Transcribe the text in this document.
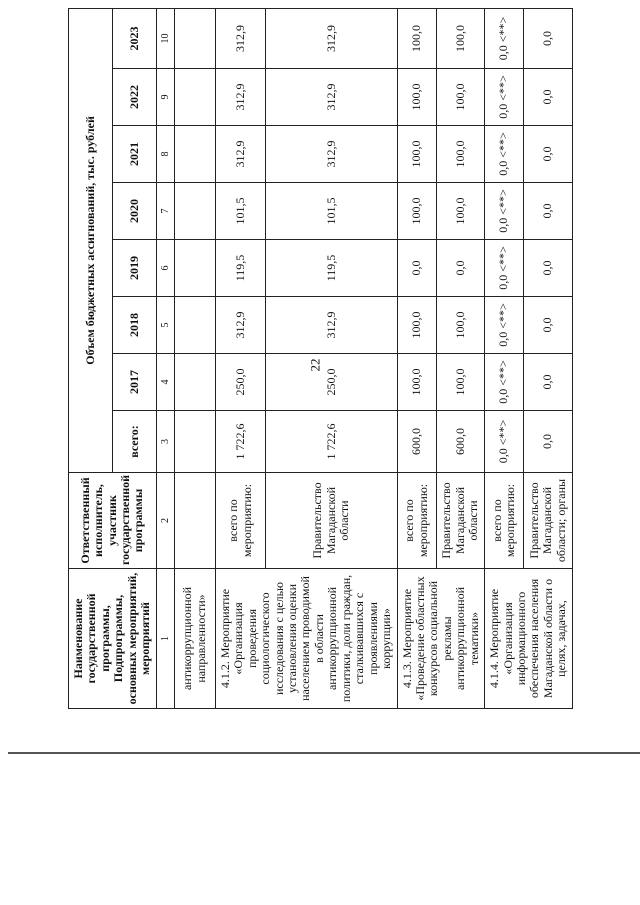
22
Наименование государственной программы, Подпрограммы, основных мероприятий, мероприятий	Ответственный исполнитель, участник государственной программы	Объем бюджетных ассигнований, тыс. рублей							
		всего:	2017	2018	2019	2020	2021	2022	2023
1	2	3	4	5	6	7	8	9	10
антикоррупционной направленности»									
4.1.2. Мероприятие «Организация проведения социологического исследования с целью установления оценки населением проводимой в области антикоррупционной политики, доли граждан, сталкивавшихся с проявлениями коррупции»	всего по мероприятию:	1 722,6	250,0	312,9	119,5	101,5	312,9	312,9	312,9
	Правительство Магаданской области	1 722,6	250,0	312,9	119,5	101,5	312,9	312,9	312,9
4.1.3. Мероприятие «Проведение областных конкурсов социальной рекламы антикоррупционной тематики»	всего по мероприятию:	600,0	100,0	100,0	0,0	100,0	100,0	100,0	100,0
	Правительство Магаданской области	600,0	100,0	100,0	0,0	100,0	100,0	100,0	100,0
4.1.4. Мероприятие «Организация информационного обеспечения населения Магаданской области о целях, задачах,	всего по мероприятию:	0,0 <**>	0,0 <**>	0,0 <**>	0,0 <**>	0,0 <**>	0,0 <**>	0,0 <**>	0,0 <**>
	Правительство Магаданской области; органы	0,0	0,0	0,0	0,0	0,0	0,0	0,0	0,0
